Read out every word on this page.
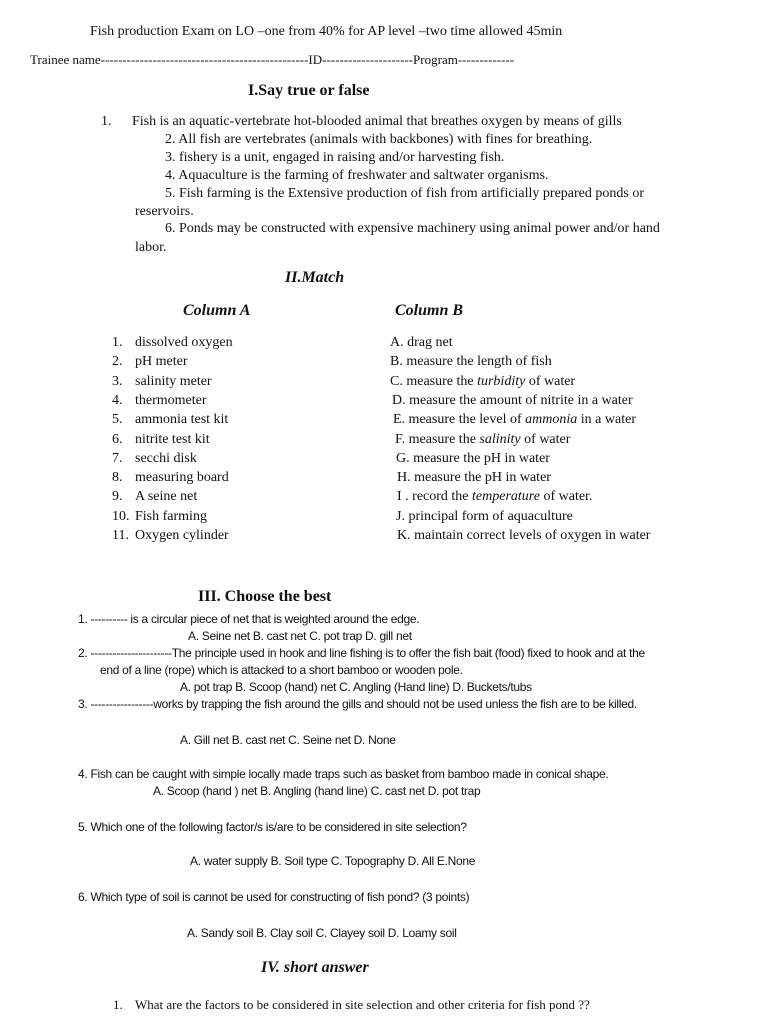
Fish production Exam on LO –one from 40% for AP level –two time allowed 45min
Trainee name------------------------------------------------ID---------------------Program-------------
I.Say true or false
1. Fish is an aquatic-vertebrate hot-blooded animal that breathes oxygen by means of gills
2. All fish are vertebrates (animals with backbones) with fines for breathing.
3. fishery is a unit, engaged in raising and/or harvesting fish.
4. Aquaculture is the farming of freshwater and saltwater organisms.
5. Fish farming is the Extensive production of fish from artificially prepared ponds or
reservoirs.
6. Ponds may be constructed with expensive machinery using animal power and/or hand
labor.
II.Match
Column A	Column B
1. dissolved oxygen
2. pH meter
3. salinity meter
4. thermometer
5. ammonia test kit
6. nitrite test kit
7. secchi disk
8. measuring board
9. A seine net
10. Fish farming
11. Oxygen cylinder
A. drag net
B. measure the length of fish
C. measure the turbidity of water
D. measure the amount of nitrite in a water
E. measure the level of ammonia in a water
F. measure the salinity of water
G. measure the pH in water
H. measure the pH in water
I . record the temperature of water.
J. principal form of aquaculture
K. maintain correct levels of oxygen in water
III. Choose the best
1. ---------- is a circular piece of net that is weighted around the edge.
A. Seine net B. cast net C. pot trap D. gill net
2. ----------------------The principle used in hook and line fishing is to offer the fish bait (food) fixed to hook and at the
end of a line (rope) which is attacked to a short bamboo or wooden pole.
A. pot trap B. Scoop (hand) net C. Angling (Hand line) D. Buckets/tubs
3. -----------------works by trapping the fish around the gills and should not be used unless the fish are to be killed.
A. Gill net B. cast net C. Seine net D. None
4. Fish can be caught with simple locally made traps such as basket from bamboo made in conical shape.
A. Scoop (hand ) net B. Angling (hand line) C. cast net D. pot trap
5. Which one of the following factor/s is/are to be considered in site selection?
A. water supply B. Soil type C. Topography D. All E.None
6. Which type of soil is cannot be used for constructing of fish pond? (3 points)
A. Sandy soil B. Clay soil C. Clayey soil D. Loamy soil
IV. short answer
1. What are the factors to be considered in site selection and other criteria for fish pond ??
